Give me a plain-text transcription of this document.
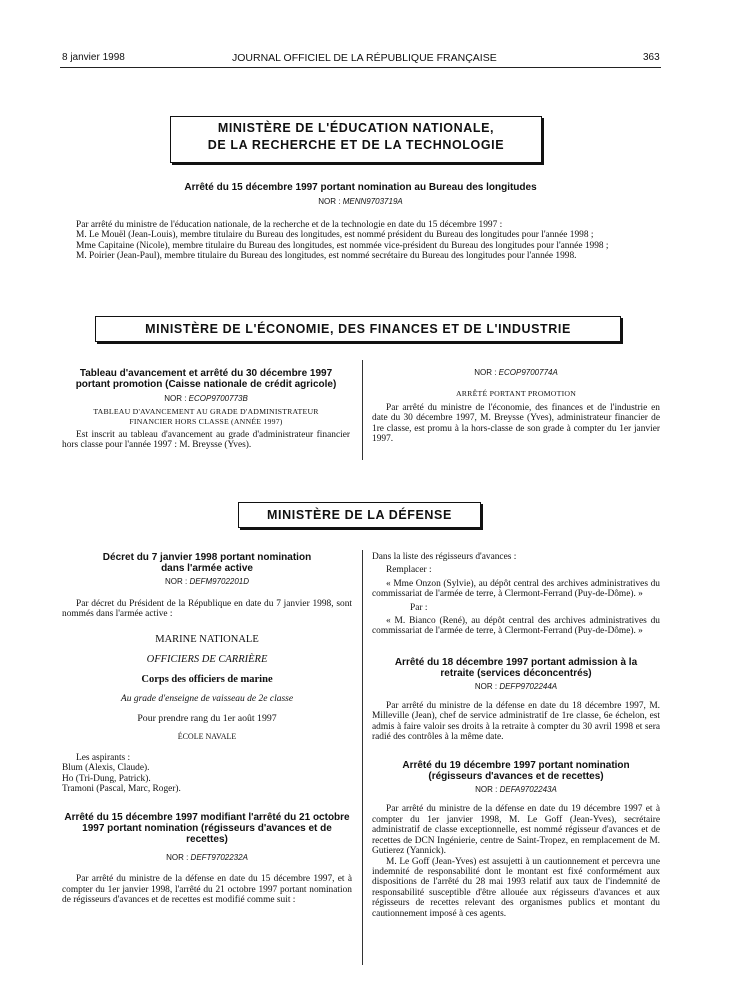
8 janvier 1998	JOURNAL OFFICIEL DE LA RÉPUBLIQUE FRANÇAISE	363
MINISTÈRE DE L'ÉDUCATION NATIONALE,
DE LA RECHERCHE ET DE LA TECHNOLOGIE
Arrêté du 15 décembre 1997 portant nomination au Bureau des longitudes
NOR : MENN9703719A

Par arrêté du ministre de l'éducation nationale, de la recherche et de la technologie en date du 15 décembre 1997 :

M. Le Mouël (Jean-Louis), membre titulaire du Bureau des longitudes, est nommé président du Bureau des longitudes pour l'année 1998 ;

Mme Capitaine (Nicole), membre titulaire du Bureau des longitudes, est nommée vice-président du Bureau des longitudes pour l'année 1998 ;

M. Poirier (Jean-Paul), membre titulaire du Bureau des longitudes, est nommé secrétaire du Bureau des longitudes pour l'année 1998.

MINISTÈRE DE L'ÉCONOMIE, DES FINANCES ET DE L'INDUSTRIE
Tableau d'avancement et arrêté du 30 décembre 1997 portant promotion (Caisse nationale de crédit agricole)
NOR : ECOP9700773B
TABLEAU D'AVANCEMENT AU GRADE D'ADMINISTRATEUR FINANCIER HORS CLASSE (ANNÉE 1997)

Est inscrit au tableau d'avancement au grade d'administrateur financier hors classe pour l'année 1997 : M. Breysse (Yves).

NOR : ECOP9700774A
ARRÊTÉ PORTANT PROMOTION

Par arrêté du ministre de l'économie, des finances et de l'industrie en date du 30 décembre 1997, M. Breysse (Yves), administrateur financier de 1re classe, est promu à la hors-classe de son grade à compter du 1er janvier 1997.

MINISTÈRE DE LA DÉFENSE
Décret du 7 janvier 1998 portant nomination dans l'armée active
NOR : DEFM9702201D

Par décret du Président de la République en date du 7 janvier 1998, sont nommés dans l'armée active :

MARINE NATIONALE
OFFICIERS DE CARRIÈRE
Corps des officiers de marine
Au grade d'enseigne de vaisseau de 2e classe
Pour prendre rang du 1er août 1997
ÉCOLE NAVALE

Les aspirants :

Blum (Alexis, Claude).

Ho (Tri-Dung, Patrick).

Tramoni (Pascal, Marc, Roger).

Arrêté du 15 décembre 1997 modifiant l'arrêté du 21 octobre 1997 portant nomination (régisseurs d'avances et de recettes)
NOR : DEFT9702232A

Par arrêté du ministre de la défense en date du 15 décembre 1997, et à compter du 1er janvier 1998, l'arrêté du 21 octobre 1997 portant nomination de régisseurs d'avances et de recettes est modifié comme suit :

Dans la liste des régisseurs d'avances :

Remplacer :

« Mme Onzon (Sylvie), au dépôt central des archives administratives du commissariat de l'armée de terre, à Clermont-Ferrand (Puy-de-Dôme). »

Par :

« M. Bianco (René), au dépôt central des archives administratives du commissariat de l'armée de terre, à Clermont-Ferrand (Puy-de-Dôme). »

Arrêté du 18 décembre 1997 portant admission à la retraite (services déconcentrés)
NOR : DEFP9702244A

Par arrêté du ministre de la défense en date du 18 décembre 1997, M. Milleville (Jean), chef de service administratif de 1re classe, 6e échelon, est admis à faire valoir ses droits à la retraite à compter du 30 avril 1998 et sera radié des contrôles à la même date.

Arrêté du 19 décembre 1997 portant nomination (régisseurs d'avances et de recettes)
NOR : DEFA9702243A

Par arrêté du ministre de la défense en date du 19 décembre 1997 et à compter du 1er janvier 1998, M. Le Goff (Jean-Yves), secrétaire administratif de classe exceptionnelle, est nommé régisseur d'avances et de recettes de DCN Ingénierie, centre de Saint-Tropez, en remplacement de M. Gutierez (Yannick).

M. Le Goff (Jean-Yves) est assujetti à un cautionnement et percevra une indemnité de responsabilité dont le montant est fixé conformément aux dispositions de l'arrêté du 28 mai 1993 relatif aux taux de l'indemnité de responsabilité susceptible d'être allouée aux régisseurs d'avances et aux régisseurs de recettes relevant des organismes publics et montant du cautionnement imposé à ces agents.
